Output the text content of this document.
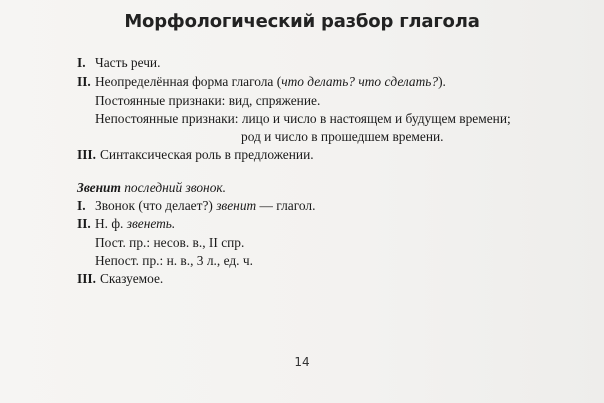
Морфологический разбор глагола
I. Часть речи.
II. Неопределённая форма глагола (что делать? что сделать?).
Постоянные признаки: вид, спряжение.
Непостоянные признаки: лицо и число в настоящем и будущем времени;
род и число в прошедшем времени.
III. Синтаксическая роль в предложении.
Звенит последний звонок.
I. Звонок (что делает?) звенит — глагол.
II. Н. ф. звенеть.
Пост. пр.: несов. в., II спр.
Непост. пр.: н. в., 3 л., ед. ч.
III. Сказуемое.
14
